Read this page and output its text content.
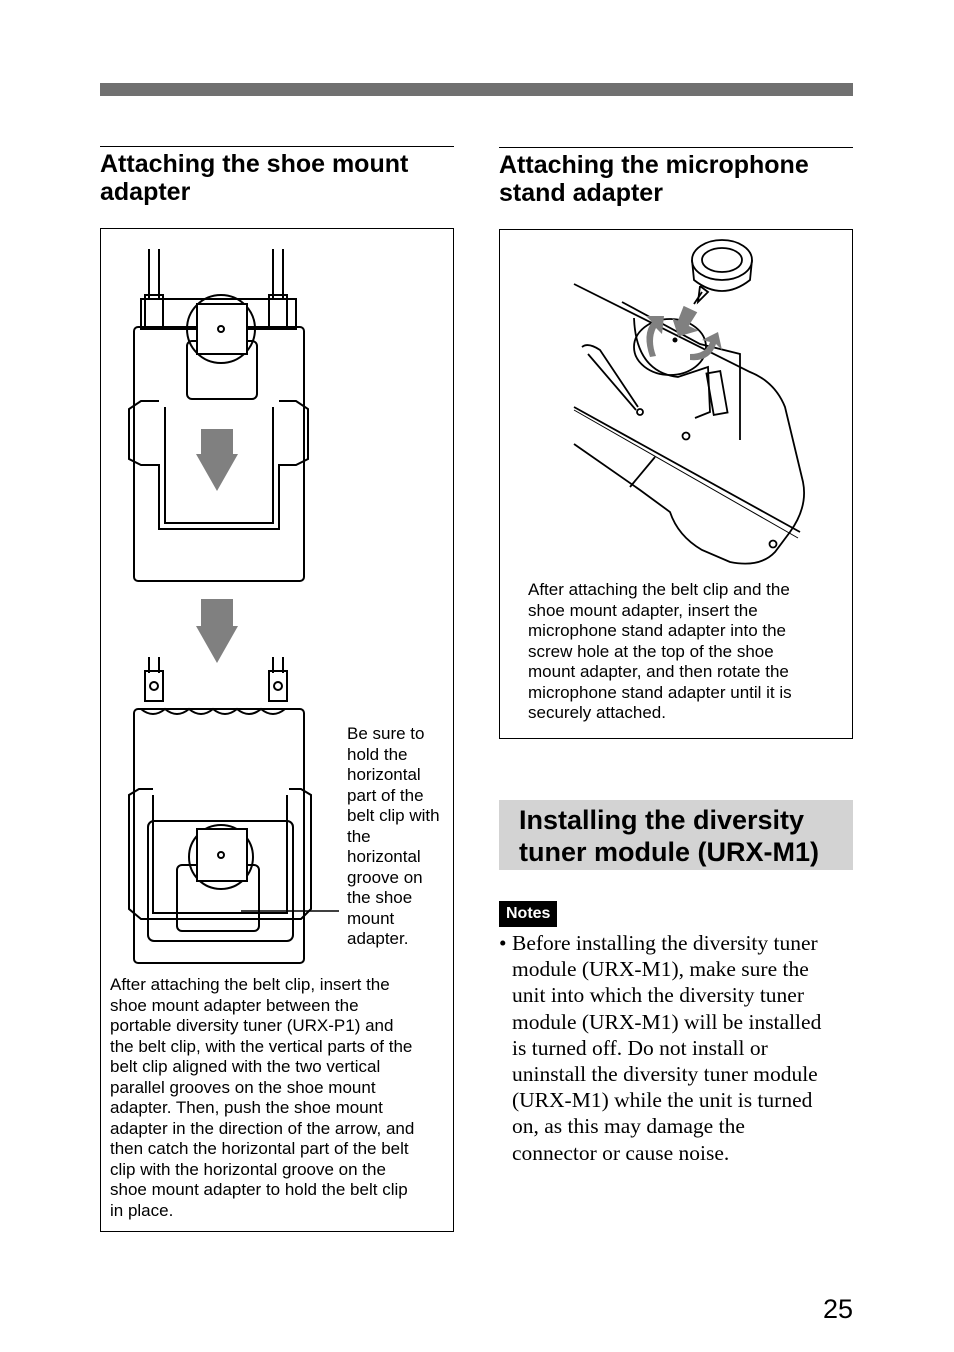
Attaching the shoe mount
adapter
Be sure to
hold the
horizontal
part of the
belt clip with
the
horizontal
groove on
the shoe
mount
adapter.
After attaching the belt clip, insert the
shoe mount adapter between the
portable diversity tuner (URX-P1) and
the belt clip, with the vertical parts of the
belt clip aligned with the two vertical
parallel grooves on the shoe mount
adapter. Then, push the shoe mount
adapter in the direction of the arrow, and
then catch the horizontal part of the belt
clip with the horizontal groove on the
shoe mount adapter to hold the belt clip
in place.
Attaching the microphone
stand adapter
After attaching the belt clip and the
shoe mount adapter, insert the
microphone stand adapter into the
screw hole at the top of the shoe
mount adapter, and then rotate the
microphone stand adapter until it is
securely attached.
Installing the diversity
tuner module (URX-M1)
Notes
• Before installing the diversity tuner
module (URX-M1), make sure the
unit into which the diversity tuner
module (URX-M1) will be installed
is turned off. Do not install or
uninstall the diversity tuner module
(URX-M1) while the unit is turned
on, as this may damage the
connector or cause noise.
25
